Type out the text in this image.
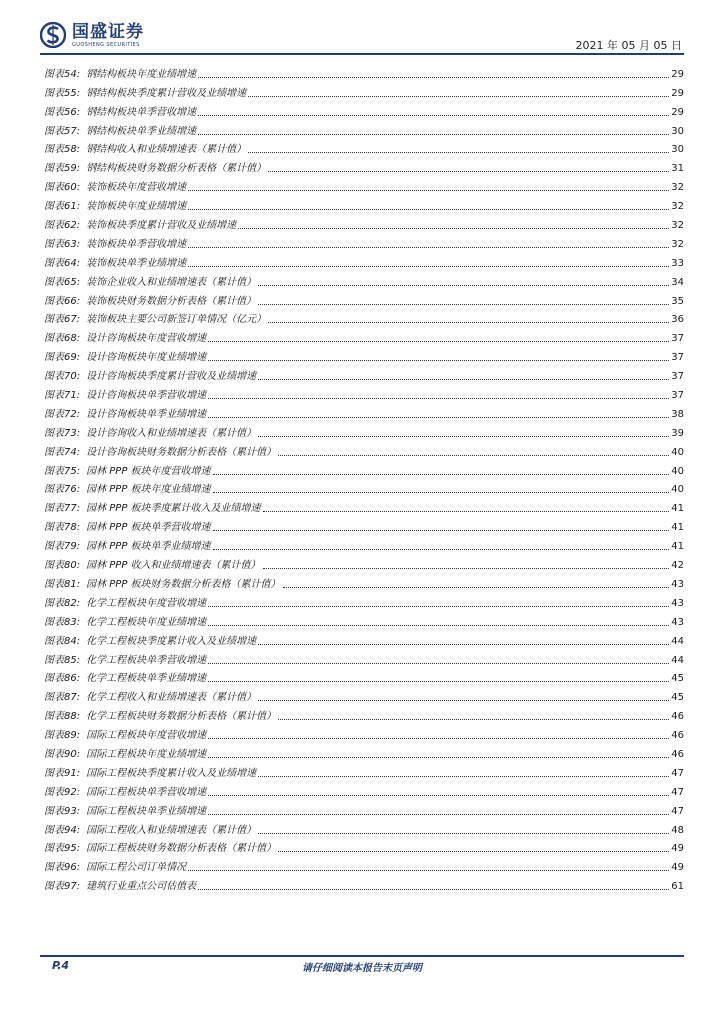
国盛证券
GUOSHENG SECURITIES	2021 年 05 月 05 日
图表 54: 钢结构板块年度业绩增速	29
图表 55: 钢结构板块季度累计营收及业绩增速	29
图表 56: 钢结构板块单季营收增速	29
图表 57: 钢结构板块单季业绩增速	30
图表 58: 钢结构收入和业绩增速表（累计值）	30
图表 59: 钢结构板块财务数据分析表格（累计值）	31
图表 60: 装饰板块年度营收增速	32
图表 61: 装饰板块年度业绩增速	32
图表 62: 装饰板块季度累计营收及业绩增速	32
图表 63: 装饰板块单季营收增速	32
图表 64: 装饰板块单季业绩增速	33
图表 65: 装饰企业收入和业绩增速表（累计值）	34
图表 66: 装饰板块财务数据分析表格（累计值）	35
图表 67: 装饰板块主要公司新签订单情况（亿元）	36
图表 68: 设计咨询板块年度营收增速	37
图表 69: 设计咨询板块年度业绩增速	37
图表 70: 设计咨询板块季度累计营收及业绩增速	37
图表 71: 设计咨询板块单季营收增速	37
图表 72: 设计咨询板块单季业绩增速	38
图表 73: 设计咨询收入和业绩增速表（累计值）	39
图表 74: 设计咨询板块财务数据分析表格（累计值）	40
图表 75: 园林 PPP 板块年度营收增速	40
图表 76: 园林 PPP 板块年度业绩增速	40
图表 77: 园林 PPP 板块季度累计收入及业绩增速	41
图表 78: 园林 PPP 板块单季营收增速	41
图表 79: 园林 PPP 板块单季业绩增速	41
图表 80: 园林 PPP 收入和业绩增速表（累计值）	42
图表 81: 园林 PPP 板块财务数据分析表格（累计值）	43
图表 82: 化学工程板块年度营收增速	43
图表 83: 化学工程板块年度业绩增速	43
图表 84: 化学工程板块季度累计收入及业绩增速	44
图表 85: 化学工程板块单季营收增速	44
图表 86: 化学工程板块单季业绩增速	45
图表 87: 化学工程收入和业绩增速表（累计值）	45
图表 88: 化学工程板块财务数据分析表格（累计值）	46
图表 89: 国际工程板块年度营收增速	46
图表 90: 国际工程板块年度业绩增速	46
图表 91: 国际工程板块季度累计收入及业绩增速	47
图表 92: 国际工程板块单季营收增速	47
图表 93: 国际工程板块单季业绩增速	47
图表 94: 国际工程收入和业绩增速表（累计值）	48
图表 95: 国际工程板块财务数据分析表格（累计值）	49
图表 96: 国际工程公司订单情况	49
图表 97: 建筑行业重点公司估值表	61
P.4	请仔细阅读本报告末页声明
